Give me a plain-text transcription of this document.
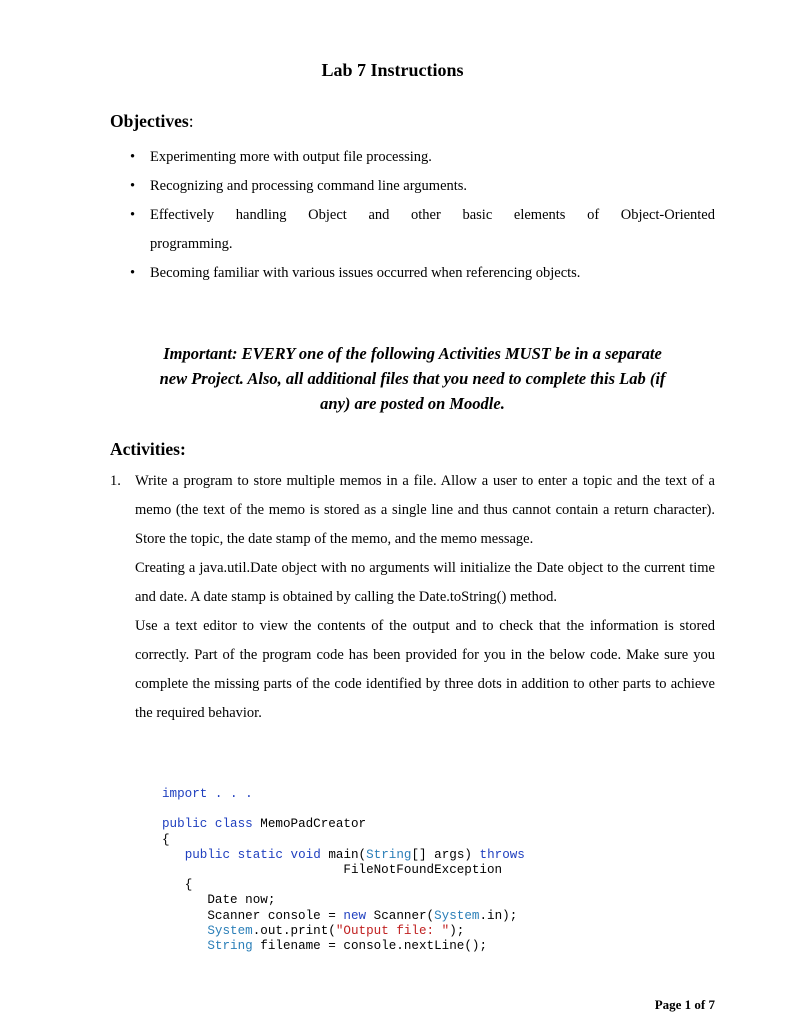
Lab 7 Instructions
Objectives:
• Experimenting more with output file processing.
• Recognizing and processing command line arguments.
• Effectively handling Object and other basic elements of Object-Oriented
programming.
• Becoming familiar with various issues occurred when referencing objects.
Important: EVERY one of the following Activities MUST be in a separate
new Project. Also, all additional files that you need to complete this Lab (if
any) are posted on Moodle.
Activities:
1. Write a program to store multiple memos in a file. Allow a user to enter a topic and the text of a memo (the text of the memo is stored as a single line and thus cannot contain a return character). Store the topic, the date stamp of the memo, and the memo message.

Creating a java.util.Date object with no arguments will initialize the Date object to the current time and date. A date stamp is obtained by calling the Date.toString() method.

Use a text editor to view the contents of the output and to check that the information is stored correctly. Part of the program code has been provided for you in the below code. Make sure you complete the missing parts of the code identified by three dots in addition to other parts to achieve the required behavior.

import . . .

public class MemoPadCreator
{
public static void main(String[] args) throws
FileNotFoundException
{
Date now;
Scanner console = new Scanner(System.in);
System.out.print("Output file: ");
String filename = console.nextLine();
Page 1 of 7
